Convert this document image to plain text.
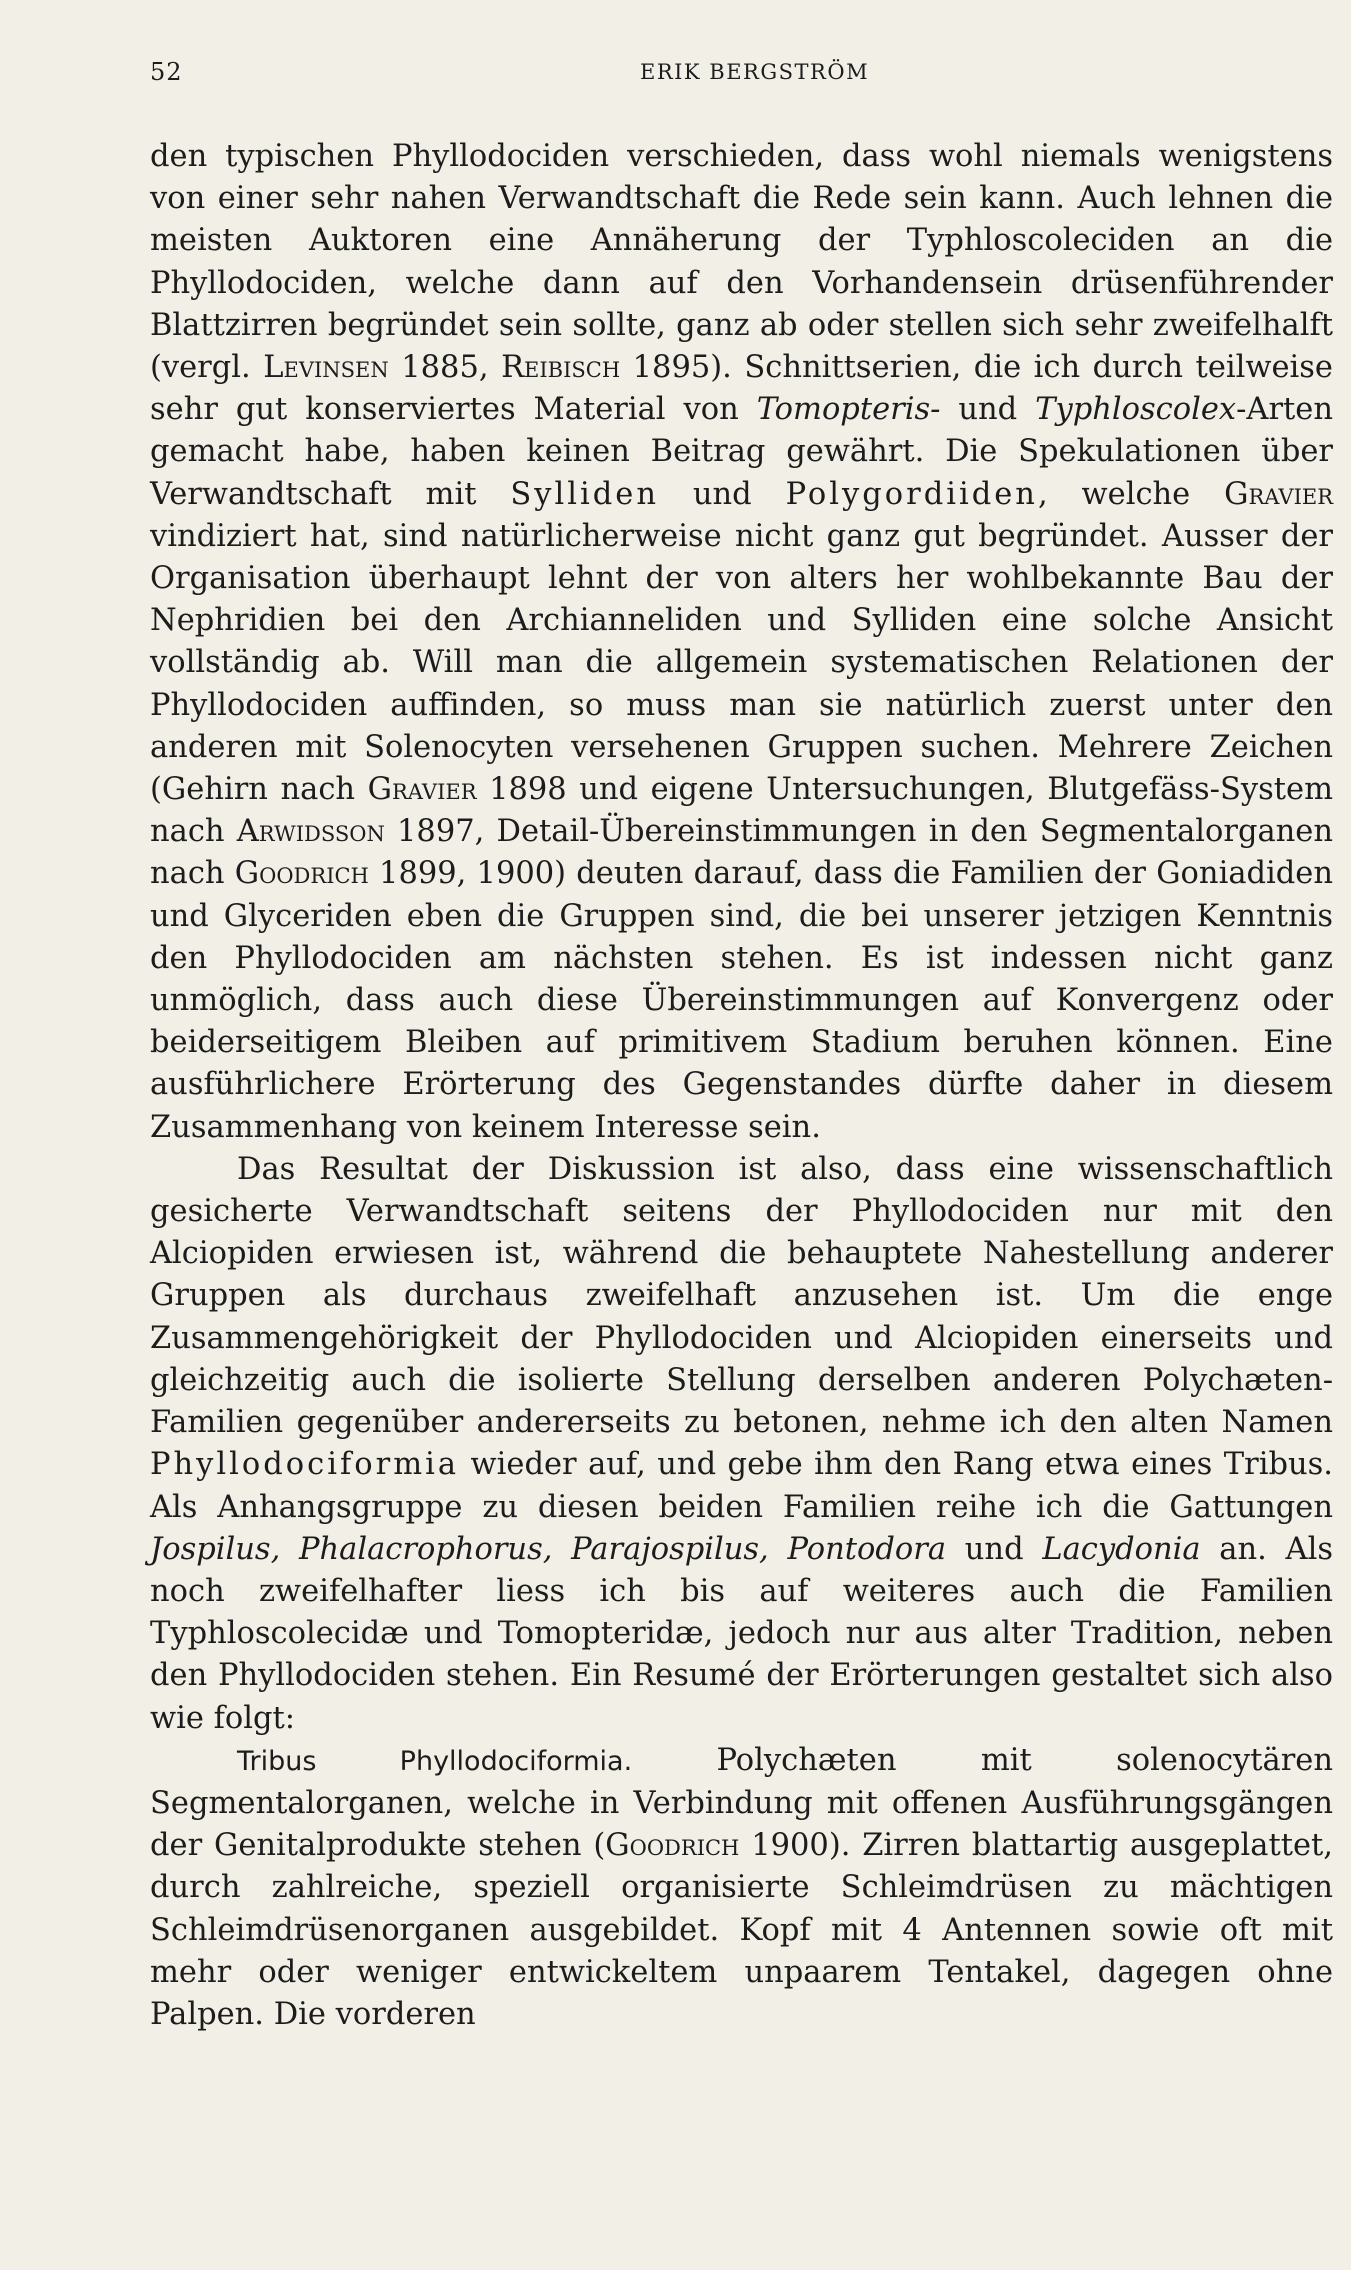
52	ERIK BERGSTRÖM

den typischen Phyllodociden verschieden, dass wohl niemals wenigstens von einer sehr nahen Verwandtschaft die Rede sein kann. Auch lehnen die meisten Auktoren eine Annäherung der Typhloscoleciden an die Phyllodociden, welche dann auf den Vorhandensein drüsenführender Blattzirren begründet sein sollte, ganz ab oder stellen sich sehr zweifelhalft (vergl. Levinsen 1885, Reibisch 1895). Schnittserien, die ich durch teilweise sehr gut konserviertes Material von Tomopteris- und Typhloscolex-Arten gemacht habe, haben keinen Beitrag gewährt. Die Spekulationen über Verwandtschaft mit Sylliden und Polygordiiden, welche Gravier vindiziert hat, sind natürlicherweise nicht ganz gut begründet. Ausser der Organisation überhaupt lehnt der von alters her wohlbekannte Bau der Nephridien bei den Archianneliden und Sylliden eine solche Ansicht vollständig ab. Will man die allgemein systematischen Relationen der Phyllodociden auffinden, so muss man sie natürlich zuerst unter den anderen mit Solenocyten versehenen Gruppen suchen. Mehrere Zeichen (Gehirn nach Gravier 1898 und eigene Untersuchungen, Blutgefäss-System nach Arwidsson 1897, Detail-Übereinstimmungen in den Segmentalorganen nach Goodrich 1899, 1900) deuten darauf, dass die Familien der Goniadiden und Glyceriden eben die Gruppen sind, die bei unserer jetzigen Kenntnis den Phyllodociden am nächsten stehen. Es ist indessen nicht ganz unmöglich, dass auch diese Übereinstimmungen auf Konvergenz oder beiderseitigem Bleiben auf primitivem Stadium beruhen können. Eine ausführlichere Erörterung des Gegenstandes dürfte daher in diesem Zusammenhang von keinem Interesse sein.

Das Resultat der Diskussion ist also, dass eine wissenschaftlich gesicherte Verwandtschaft seitens der Phyllodociden nur mit den Alciopiden erwiesen ist, während die behauptete Nahestellung anderer Gruppen als durchaus zweifelhaft anzusehen ist. Um die enge Zusammengehörigkeit der Phyllodociden und Alciopiden einerseits und gleichzeitig auch die isolierte Stellung derselben anderen Polychæten-Familien gegenüber andererseits zu betonen, nehme ich den alten Namen Phyllodociformia wieder auf, und gebe ihm den Rang etwa eines Tribus. Als Anhangsgruppe zu diesen beiden Familien reihe ich die Gattungen Jospilus, Phalacrophorus, Parajospilus, Pontodora und Lacydonia an. Als noch zweifelhafter liess ich bis auf weiteres auch die Familien Typhloscolecidæ und Tomopteridæ, jedoch nur aus alter Tradition, neben den Phyllodociden stehen. Ein Resumé der Erörterungen gestaltet sich also wie folgt:

Tribus Phyllodociformia. Polychæten mit solenocytären Segmentalorganen, welche in Verbindung mit offenen Ausführungsgängen der Genitalprodukte stehen (Goodrich 1900). Zirren blattartig ausgeplattet, durch zahlreiche, speziell organisierte Schleimdrüsen zu mächtigen Schleimdrüsenorganen ausgebildet. Kopf mit 4 Antennen sowie oft mit mehr oder weniger entwickeltem unpaarem Tentakel, dagegen ohne Palpen. Die vorderen
